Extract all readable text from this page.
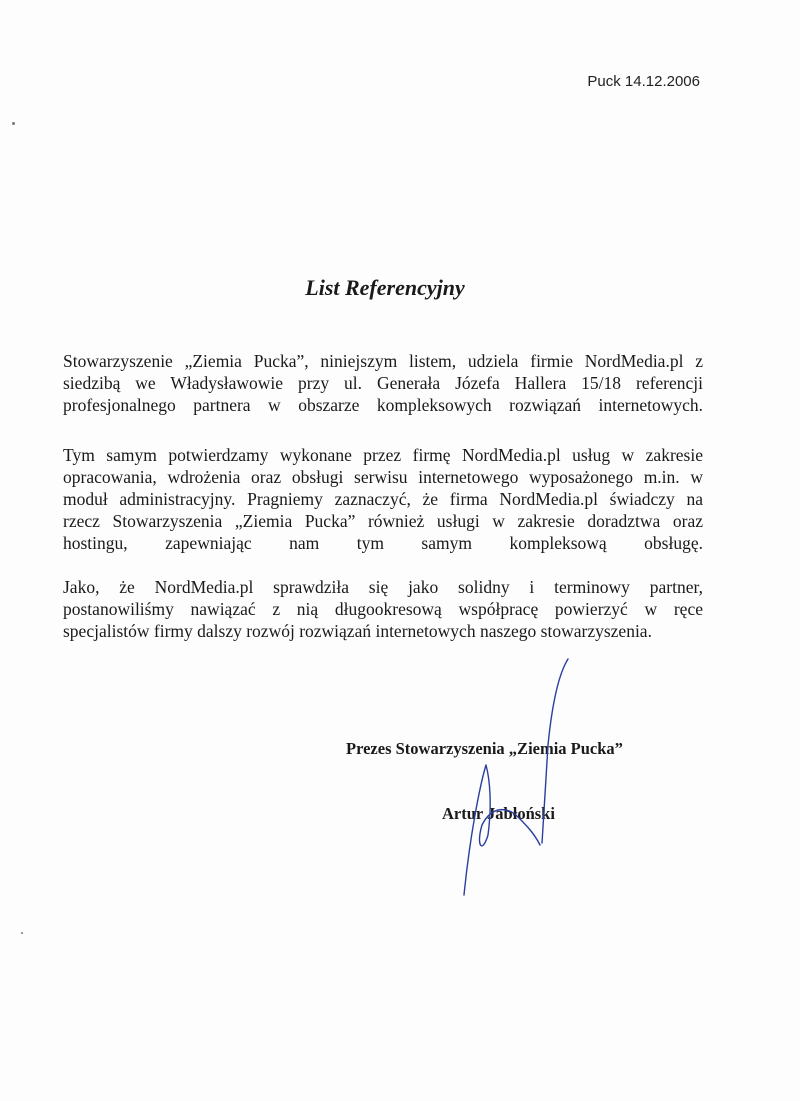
Puck 14.12.2006
List Referencyjny

Stowarzyszenie „Ziemia Pucka”, niniejszym listem, udziela firmie NordMedia.pl z

siedzibą we Władysławowie przy ul. Generała Józefa Hallera 15/18 referencji

profesjonalnego partnera w obszarze kompleksowych rozwiązań internetowych.

Tym samym potwierdzamy wykonane przez firmę NordMedia.pl usług w zakresie

opracowania, wdrożenia oraz obsługi serwisu internetowego wyposażonego m.in. w

moduł administracyjny. Pragniemy zaznaczyć, że firma NordMedia.pl świadczy na

rzecz Stowarzyszenia „Ziemia Pucka” również usługi w zakresie doradztwa oraz

hostingu, zapewniając nam tym samym kompleksową obsługę.

Jako, że NordMedia.pl sprawdziła się jako solidny i terminowy partner,

postanowiliśmy nawiązać z nią długookresową współpracę powierzyć w ręce

specjalistów firmy dalszy rozwój rozwiązań internetowych naszego stowarzyszenia.

Prezes Stowarzyszenia „Ziemia Pucka”
Artur Jabłoński
